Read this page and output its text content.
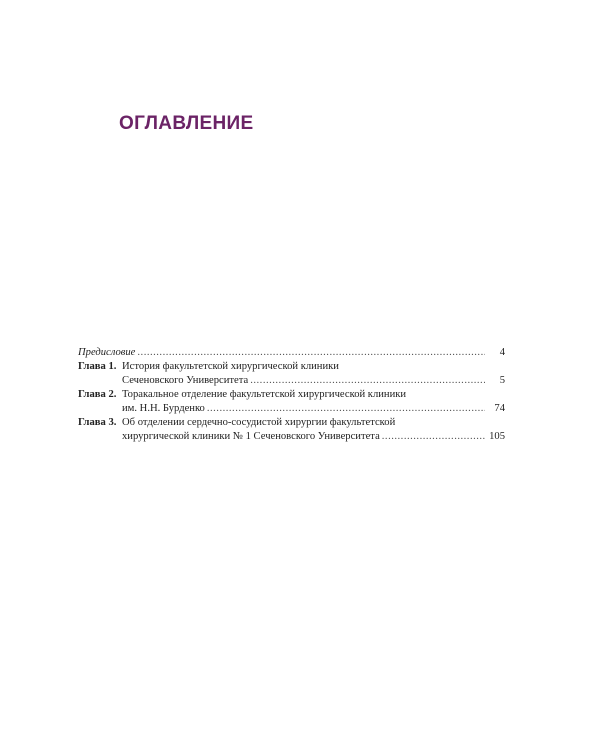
ОГЛАВЛЕНИЕ
Предисловие .....	4
Глава 1. История факультетской хирургической клиники
Сеченовского Университета .....	5
Глава 2. Торакальное отделение факультетской хирургической клиники
им. Н.Н. Бурденко .....	74
Глава 3. Об отделении сердечно-сосудистой хирургии факультетской
хирургической клиники № 1 Сеченовского Университета .....	105
